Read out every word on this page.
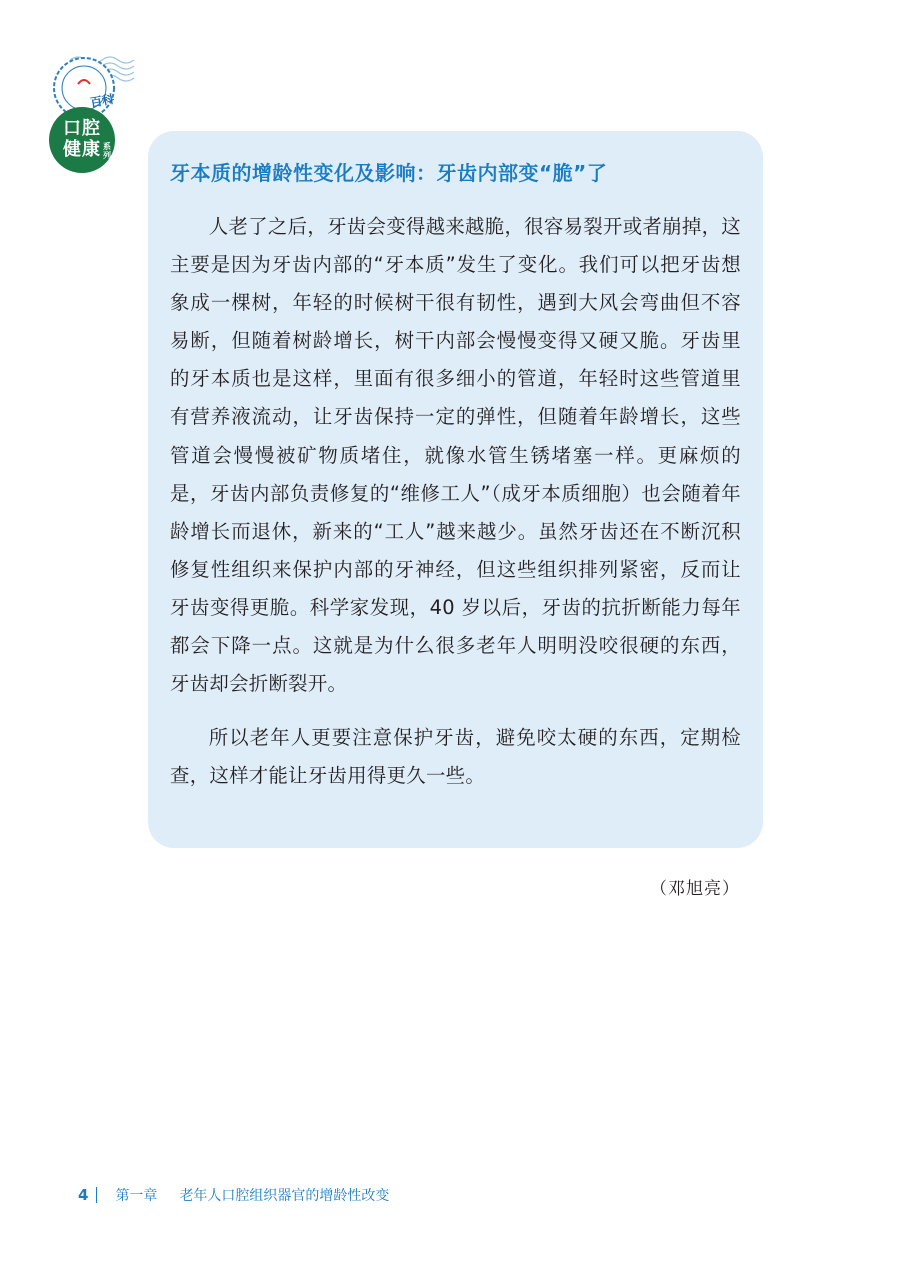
百科
口腔健康 系列
牙本质的增龄性变化及影响：牙齿内部变“脆”了

人老了之后，牙齿会变得越来越脆，很容易裂开或者崩掉，这主要是因为牙齿内部的“牙本质”发生了变化。我们可以把牙齿想象成一棵树，年轻的时候树干很有韧性，遇到大风会弯曲但不容易断，但随着树龄增长，树干内部会慢慢变得又硬又脆。牙齿里的牙本质也是这样，里面有很多细小的管道，年轻时这些管道里有营养液流动，让牙齿保持一定的弹性，但随着年龄增长，这些管道会慢慢被矿物质堵住，就像水管生锈堵塞一样。更麻烦的是，牙齿内部负责修复的“维修工人”（成牙本质细胞）也会随着年龄增长而退休，新来的“工人”越来越少。虽然牙齿还在不断沉积修复性组织来保护内部的牙神经，但这些组织排列紧密，反而让牙齿变得更脆。科学家发现，40 岁以后，牙齿的抗折断能力每年都会下降一点。这就是为什么很多老年人明明没咬很硬的东西，牙齿却会折断裂开。

所以老年人更要注意保护牙齿，避免咬太硬的东西，定期检查，这样才能让牙齿用得更久一些。

（邓旭亮）
4 第一章 老年人口腔组织器官的增龄性改变
